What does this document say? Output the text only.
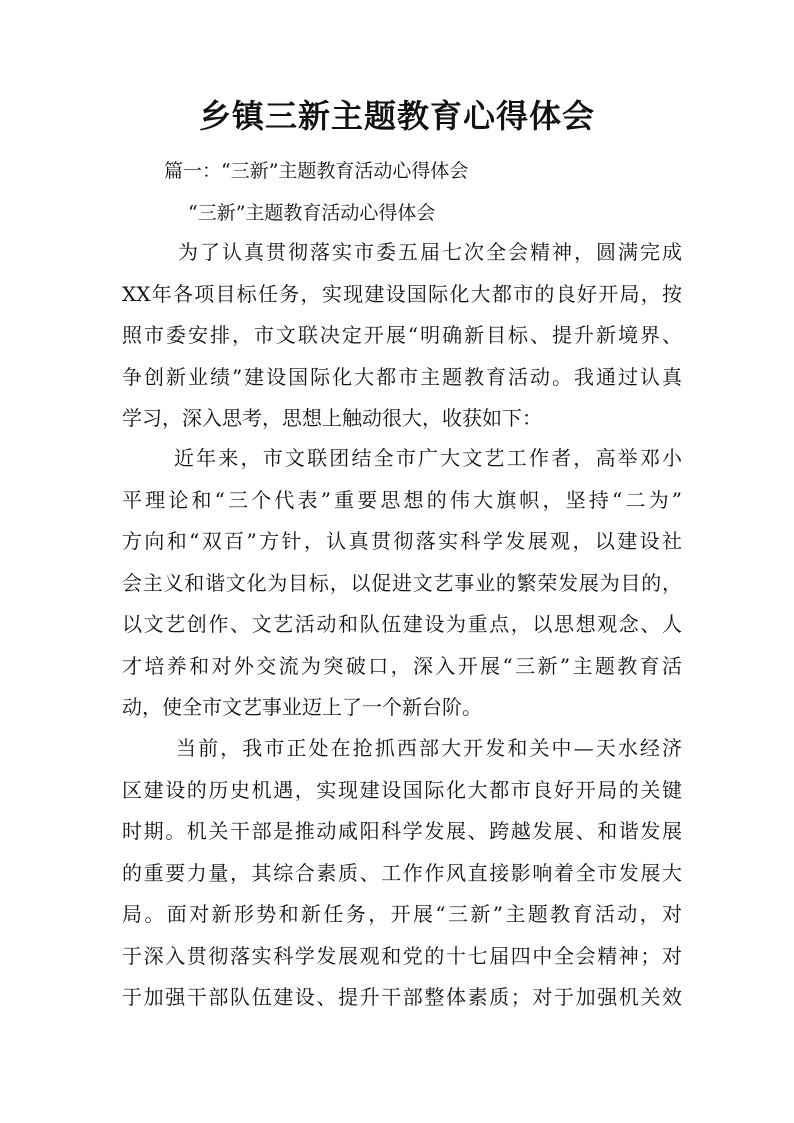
乡镇三新主题教育心得体会
篇一：“三新”主题教育活动心得体会
“三新”主题教育活动心得体会
为了认真贯彻落实市委五届七次全会精神，圆满完成
XX年各项目标任务，实现建设国际化大都市的良好开局，按
照市委安排，市文联决定开展“明确新目标、提升新境界、
争创新业绩”建设国际化大都市主题教育活动。我通过认真
学习，深入思考，思想上触动很大，收获如下：
近年来，市文联团结全市广大文艺工作者，高举邓小
平理论和“三个代表”重要思想的伟大旗帜，坚持“二为”
方向和“双百”方针，认真贯彻落实科学发展观，以建设社
会主义和谐文化为目标，以促进文艺事业的繁荣发展为目的，
以文艺创作、文艺活动和队伍建设为重点，以思想观念、人
才培养和对外交流为突破口，深入开展“三新”主题教育活
动，使全市文艺事业迈上了一个新台阶。
当前，我市正处在抢抓西部大开发和关中—天水经济
区建设的历史机遇，实现建设国际化大都市良好开局的关键
时期。机关干部是推动咸阳科学发展、跨越发展、和谐发展
的重要力量，其综合素质、工作作风直接影响着全市发展大
局。面对新形势和新任务，开展“三新”主题教育活动，对
于深入贯彻落实科学发展观和党的十七届四中全会精神；对
于加强干部队伍建设、提升干部整体素质；对于加强机关效
